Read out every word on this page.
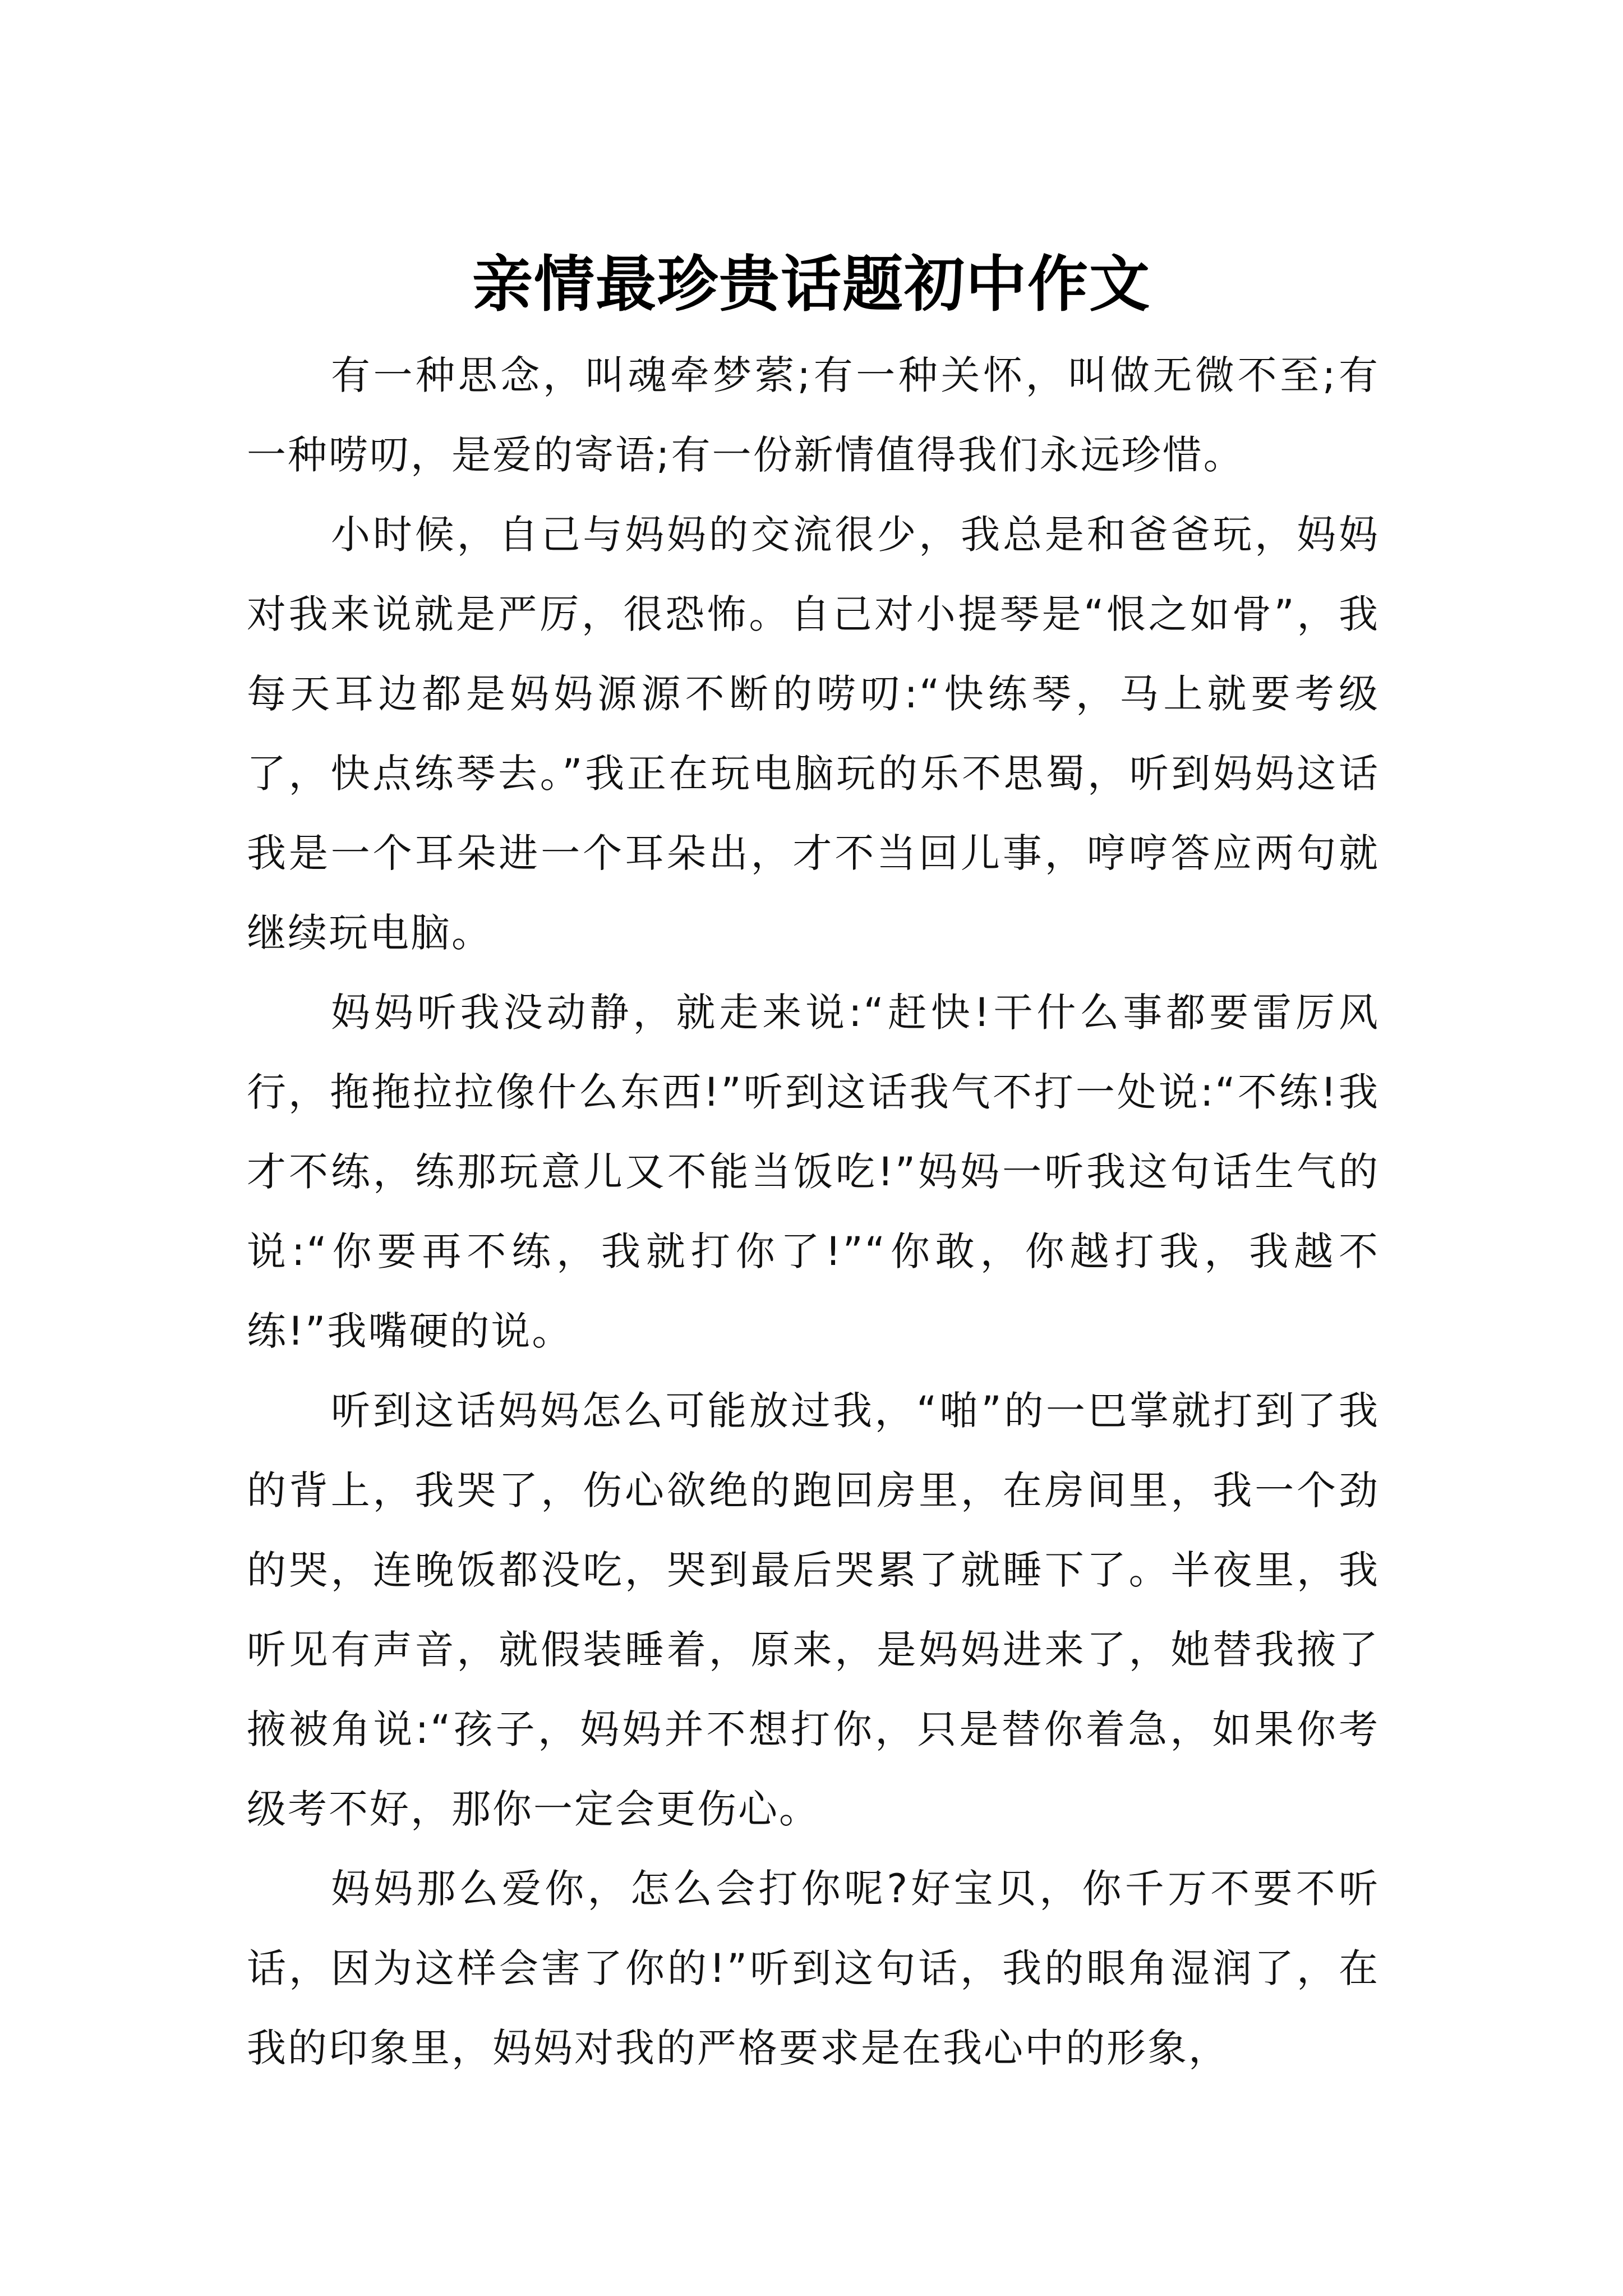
亲情最珍贵话题初中作文

有一种思念，叫魂牵梦萦;有一种关怀，叫做无微不至;有一种唠叨，是爱的寄语;有一份新情值得我们永远珍惜。

小时候，自己与妈妈的交流很少，我总是和爸爸玩，妈妈对我来说就是严厉，很恐怖。自己对小提琴是“恨之如骨”，我每天耳边都是妈妈源源不断的唠叨:“快练琴，马上就要考级了，快点练琴去。”我正在玩电脑玩的乐不思蜀，听到妈妈这话我是一个耳朵进一个耳朵出，才不当回儿事，哼哼答应两句就继续玩电脑。

妈妈听我没动静，就走来说:“赶快!干什么事都要雷厉风行，拖拖拉拉像什么东西!”听到这话我气不打一处说:“不练!我才不练，练那玩意儿又不能当饭吃!”妈妈一听我这句话生气的说:“你要再不练，我就打你了!”“你敢，你越打我，我越不练!”我嘴硬的说。

听到这话妈妈怎么可能放过我，“啪”的一巴掌就打到了我的背上，我哭了，伤心欲绝的跑回房里，在房间里，我一个劲的哭，连晚饭都没吃，哭到最后哭累了就睡下了。半夜里，我听见有声音，就假装睡着，原来，是妈妈进来了，她替我掖了掖被角说:“孩子，妈妈并不想打你，只是替你着急，如果你考级考不好，那你一定会更伤心。

妈妈那么爱你，怎么会打你呢?好宝贝，你千万不要不听话，因为这样会害了你的!”听到这句话，我的眼角湿润了，在我的印象里，妈妈对我的严格要求是在我心中的形象，
